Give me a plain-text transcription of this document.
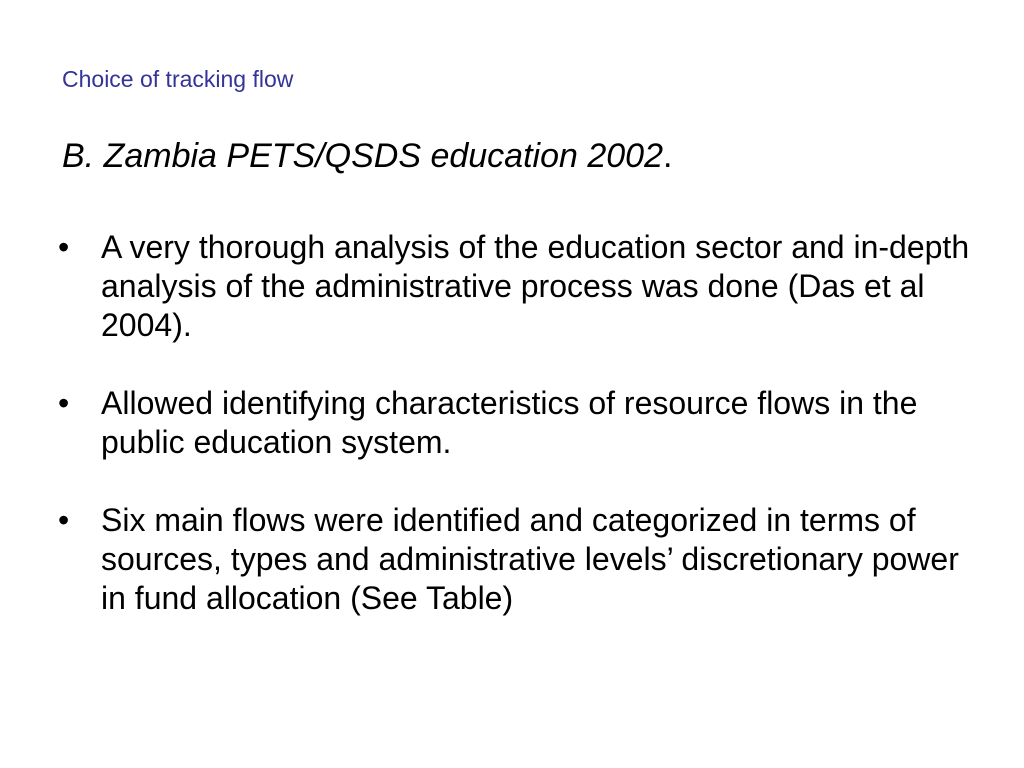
Choice of tracking flow
B. Zambia PETS/QSDS education 2002.
• A very thorough analysis of the education sector and in-depth analysis of the administrative process was done (Das et al 2004).
• Allowed identifying characteristics of resource flows in the public education system.
• Six main flows were identified and categorized in terms of sources, types and administrative levels’ discretionary power in fund allocation (See Table)
